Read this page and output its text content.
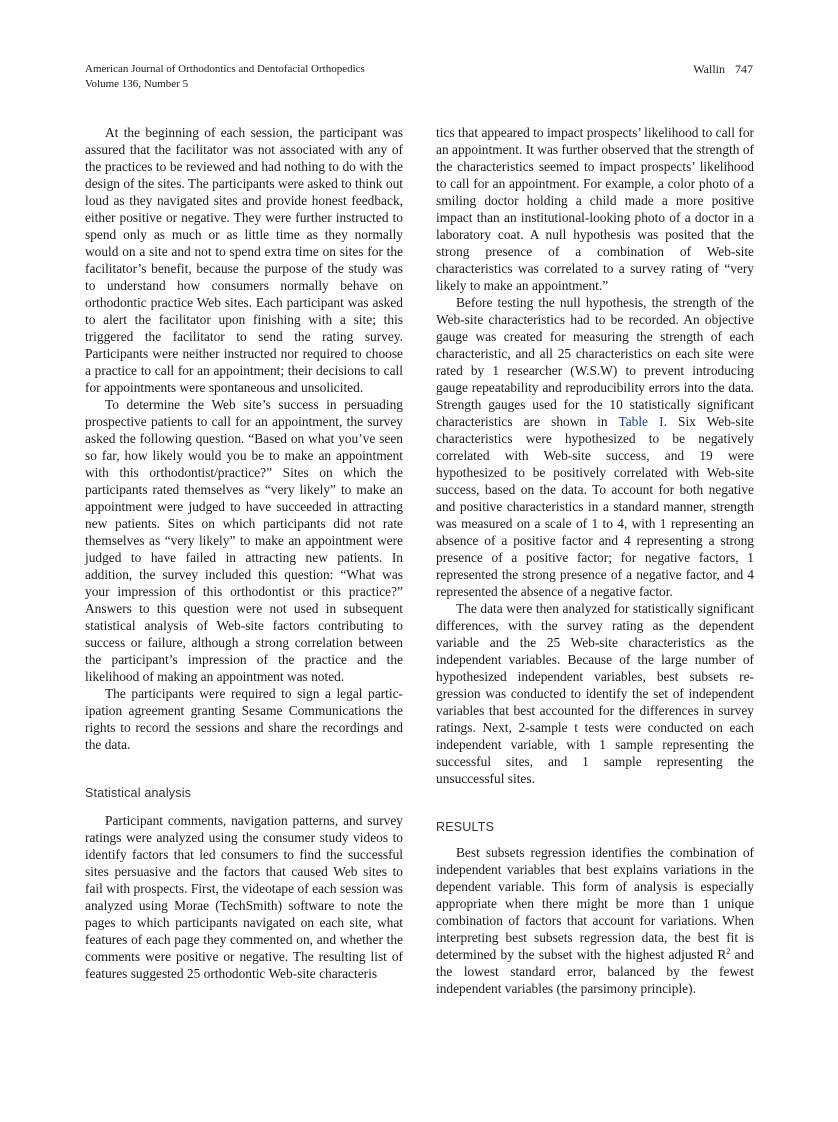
American Journal of Orthodontics and Dentofacial Orthopedics
Volume 136, Number 5
Wallin 747

At the beginning of each session, the participant was assured that the facilitator was not associated with any of the practices to be reviewed and had nothing to do with the design of the sites. The participants were asked to think out loud as they navigated sites and provide honest feedback, either positive or negative. They were further instructed to spend only as much or as little time as they normally would on a site and not to spend extra time on sites for the facilitator’s benefit, because the purpose of the study was to understand how consumers normally behave on orthodontic practice Web sites. Each participant was asked to alert the facilitator upon finishing with a site; this triggered the facilitator to send the rating survey. Participants were neither instructed nor required to choose a practice to call for an appointment; their decisions to call for appointments were spontaneous and unsolicited.

To determine the Web site’s success in persuading prospective patients to call for an appointment, the survey asked the following question. “Based on what you’ve seen so far, how likely would you be to make an appointment with this orthodontist/practice?” Sites on which the participants rated themselves as “very likely” to make an appointment were judged to have succeeded in attracting new patients. Sites on which participants did not rate themselves as “very likely” to make an appointment were judged to have failed in attracting new patients. In addition, the survey included this question: “What was your impression of this orthodontist or this practice?” Answers to this question were not used in subsequent statistical analysis of Web-site factors contributing to success or failure, although a strong correlation between the participant’s impression of the practice and the likelihood of making an appointment was noted.

The participants were required to sign a legal participation agreement granting Sesame Communications the rights to record the sessions and share the recordings and the data.

Statistical analysis

Participant comments, navigation patterns, and survey ratings were analyzed using the consumer study videos to identify factors that led consumers to find the successful sites persuasive and the factors that caused Web sites to fail with prospects. First, the videotape of each session was analyzed using Morae (TechSmith) software to note the pages to which participants navigated on each site, what features of each page they commented on, and whether the comments were positive or negative. The resulting list of features suggested 25 orthodontic Web-site characteris

tics that appeared to impact prospects’ likelihood to call for an appointment. It was further observed that the strength of the characteristics seemed to impact prospects’ likelihood to call for an appointment. For example, a color photo of a smiling doctor holding a child made a more positive impact than an institutional-looking photo of a doctor in a laboratory coat. A null hypothesis was posited that the strong presence of a combination of Web-site characteristics was correlated to a survey rating of “very likely to make an appointment.”

Before testing the null hypothesis, the strength of the Web-site characteristics had to be recorded. An objective gauge was created for measuring the strength of each characteristic, and all 25 characteristics on each site were rated by 1 researcher (W.S.W) to prevent introducing gauge repeatability and reproducibility errors into the data. Strength gauges used for the 10 statistically significant characteristics are shown in Table I. Six Web-site characteristics were hypothesized to be negatively correlated with Web-site success, and 19 were hypothesized to be positively correlated with Web-site success, based on the data. To account for both negative and positive characteristics in a standard manner, strength was measured on a scale of 1 to 4, with 1 representing an absence of a positive factor and 4 representing a strong presence of a positive factor; for negative factors, 1 represented the strong presence of a negative factor, and 4 represented the absence of a negative factor.

The data were then analyzed for statistically significant differences, with the survey rating as the dependent variable and the 25 Web-site characteristics as the independent variables. Because of the large number of hypothesized independent variables, best subsets regression was conducted to identify the set of independent variables that best accounted for the differences in survey ratings. Next, 2-sample t tests were conducted on each independent variable, with 1 sample representing the successful sites, and 1 sample representing the unsuccessful sites.

RESULTS

Best subsets regression identifies the combination of independent variables that best explains variations in the dependent variable. This form of analysis is especially appropriate when there might be more than 1 unique combination of factors that account for variations. When interpreting best subsets regression data, the best fit is determined by the subset with the highest adjusted $R^2$ and the lowest standard error, balanced by the fewest independent variables (the parsimony principle).
